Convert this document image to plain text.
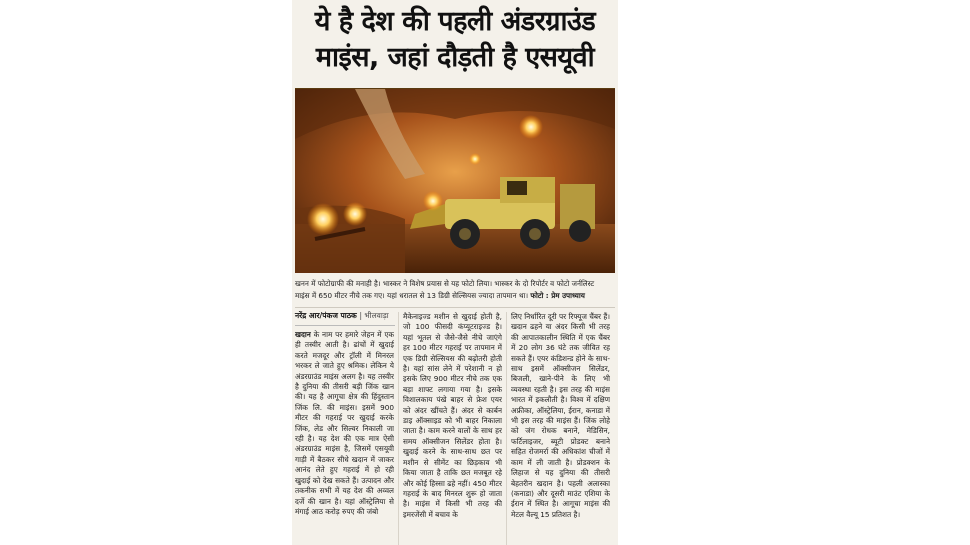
ये है देश की पहली अंडरग्राउंड
माइंस, जहां दौड़ती है एसयूवी
खनन में फोटोग्राफी की मनाही है। भास्कर ने विशेष प्रयास से यह फोटो लिया। भास्कर के दो रिपोर्टर व फोटो जर्नलिस्ट
माइंस में 650 मीटर नीचे तक गए। यहां धरातल से 13 डिग्री सेल्सियस ज्यादा तापमान था। फोटो : प्रेम उपाध्याय
नरेंद्र आर/पंकज पाठक | भीलवाड़ा
खदान के नाम पर हमारे जेहन में एक ही तस्वीर आती है। ढांचों में खुदाई करते मजदूर और ट्रॉली में मिनरल भरकर ले जाते हुए श्रमिक। लेकिन ये अंडरग्राउंड माइंस अलग है। यह तस्वीर है दुनिया की तीसरी बड़ी जिंक खान की। यह है आगूचा क्षेत्र की हिंदुस्तान जिंक लि. की माइंस। इसमें 900 मीटर की गहराई पर खुदाई करके जिंक, लेड और सिल्वर निकाली जा रही है। यह देश की एक मात्र ऐसी अंडरग्राउंड माइंस है, जिसमें एसयूवी गाड़ी में बैठकर सीधे खदान में जाकर आनंद लेते हुए गहराई में हो रही खुदाई को देख सकते हैं। उत्पादन और तकनीक सभी में यह देश की अव्वल दर्जे की खान है। यहां ऑस्ट्रेलिया से मंगाई आठ करोड़ रुपए की जंबो
मैकेनाइज्ड मशीन से खुदाई होती है, जो 100 फीसदी कंप्यूटराइज्ड है। यहां भूतल से जैसे-जैसे नीचे जाएंगे हर 100 मीटर गहराई पर तापमान में एक डिग्री सेल्सियस की बढ़ोतरी होती है। यहां सांस लेने में परेशानी न हो इसके लिए 900 मीटर नीचे तक एक बड़ा शाफ्ट लगाया गया है। इसके विशालकाय पंखे बाहर से फ्रेश एयर को अंदर खींचते हैं। अंदर से कार्बन डाइ ऑक्साइड को भी बाहर निकाला जाता है। काम करने वालों के साथ हर समय ऑक्सीजन सिलेंडर होता है। खुदाई करने के साथ-साथ छत पर मशीन से सीमेंट का छिड़काव भी किया जाता है ताकि छत मजबूत रहे और कोई हिस्सा ढहे नहीं। 450 मीटर गहराई के बाद मिनरल शुरू हो जाता है। माइंस में किसी भी तरह की इमरजेंसी में बचाव के
लिए निर्धारित दूरी पर रिफ्यूज चैंबर हैं। खदान ढहने या अंदर किसी भी तरह की आपातकालीन स्थिति में एक चैंबर में 20 लोग 36 घंटे तक जीवित रह सकते हैं। एयर कंडिशन्ड होने के साथ-साथ इसमें ऑक्सीजन सिलेंडर, बिजली, खाने-पीने के लिए भी व्यवस्था रहती है। इस तरह की माइंस भारत में इकलौती है। विश्व में दक्षिण अफ्रीका, ऑस्ट्रेलिया, ईरान, कनाडा में भी इस तरह की माइंस हैं। जिंक लोहे को जंग रोधक बनाने, मेडिसिन, फर्टिलाइजर, ब्यूटी प्रोडक्ट बनाने सहित रोजमर्रा की अधिकांश चीजों में काम में ली जाती है। प्रोडक्शन के लिहाज से यह दुनिया की तीसरी बेहतरीन खदान है। पहली अलास्का (कनाडा) और दूसरी माउंट एशिया के ईरान में स्थित है। आगूचा माइंस की मेटल वैल्यू 15 प्रतिशत है।
